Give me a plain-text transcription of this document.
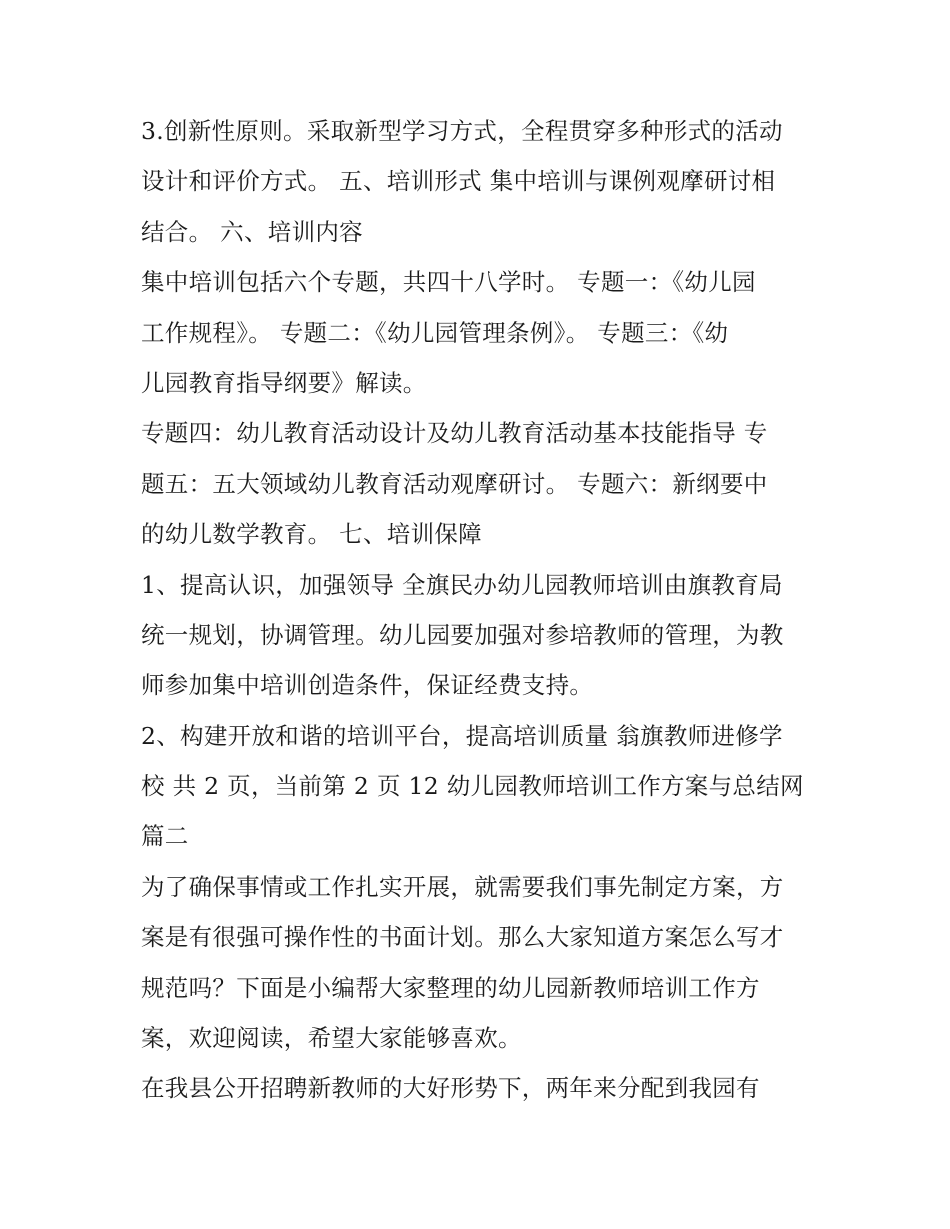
3.创新性原则。采取新型学习方式，全程贯穿多种形式的活动
设计和评价方式。 五、培训形式 集中培训与课例观摩研讨相
结合。 六、培训内容
集中培训包括六个专题，共四十八学时。 专题一：《幼儿园
工作规程》。 专题二：《幼儿园管理条例》。 专题三：《幼
儿园教育指导纲要》解读。
专题四：幼儿教育活动设计及幼儿教育活动基本技能指导 专
题五：五大领域幼儿教育活动观摩研讨。 专题六：新纲要中
的幼儿数学教育。 七、培训保障
1、提高认识，加强领导 全旗民办幼儿园教师培训由旗教育局
统一规划，协调管理。幼儿园要加强对参培教师的管理，为教
师参加集中培训创造条件，保证经费支持。
2、构建开放和谐的培训平台，提高培训质量 翁旗教师进修学
校 共 2 页，当前第 2 页 12 幼儿园教师培训工作方案与总结网
篇二
为了确保事情或工作扎实开展，就需要我们事先制定方案，方
案是有很强可操作性的书面计划。那么大家知道方案怎么写才
规范吗？下面是小编帮大家整理的幼儿园新教师培训工作方
案，欢迎阅读，希望大家能够喜欢。
在我县公开招聘新教师的大好形势下，两年来分配到我园有
